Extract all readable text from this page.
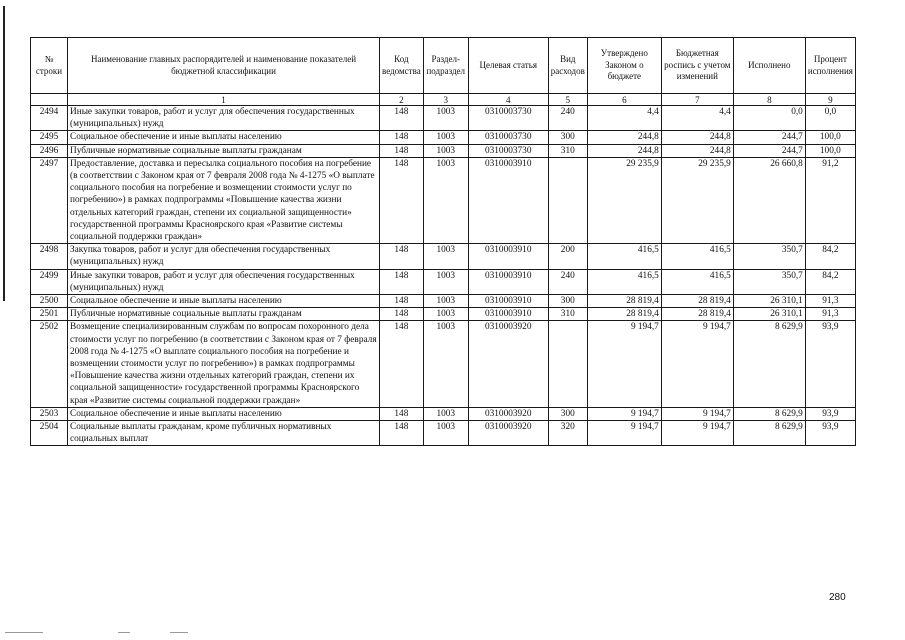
№ строки	Наименование главных распорядителей и наименование показателей бюджетной классификации	Код ведомства	Раздел-подраздел	Целевая статья	Вид расходов	Утверждено Законом о бюджете	Бюджетная роспись с учетом изменений	Исполнено	Процент исполнения
	1	2	3	4	5	6	7	8	9
2494	Иные закупки товаров, работ и услуг для обеспечения государственных (муниципальных) нужд	148	1003	0310003730	240	4,4	4,4	0,0	0,0
2495	Социальное обеспечение и иные выплаты населению	148	1003	0310003730	300	244,8	244,8	244,7	100,0
2496	Публичные нормативные социальные выплаты гражданам	148	1003	0310003730	310	244,8	244,8	244,7	100,0
2497	Предоставление, доставка и пересылка социального пособия на погребение (в соответствии с Законом края от 7 февраля 2008 года № 4-1275 «О выплате социального пособия на погребение и возмещении стоимости услуг по погребению») в рамках подпрограммы «Повышение качества жизни отдельных категорий граждан, степени их социальной защищенности» государственной программы Красноярского края «Развитие системы социальной поддержки граждан»	148	1003	0310003910		29 235,9	29 235,9	26 660,8	91,2
2498	Закупка товаров, работ и услуг для обеспечения государственных (муниципальных) нужд	148	1003	0310003910	200	416,5	416,5	350,7	84,2
2499	Иные закупки товаров, работ и услуг для обеспечения государственных (муниципальных) нужд	148	1003	0310003910	240	416,5	416,5	350,7	84,2
2500	Социальное обеспечение и иные выплаты населению	148	1003	0310003910	300	28 819,4	28 819,4	26 310,1	91,3
2501	Публичные нормативные социальные выплаты гражданам	148	1003	0310003910	310	28 819,4	28 819,4	26 310,1	91,3
2502	Возмещение специализированным службам по вопросам похоронного дела стоимости услуг по погребению (в соответствии с Законом края от 7 февраля 2008 года № 4-1275 «О выплате социального пособия на погребение и возмещении стоимости услуг по погребению») в рамках подпрограммы «Повышение качества жизни отдельных категорий граждан, степени их социальной защищенности» государственной программы Красноярского края «Развитие системы социальной поддержки граждан»	148	1003	0310003920		9 194,7	9 194,7	8 629,9	93,9
2503	Социальное обеспечение и иные выплаты населению	148	1003	0310003920	300	9 194,7	9 194,7	8 629,9	93,9
2504	Социальные выплаты гражданам, кроме публичных нормативных социальных выплат	148	1003	0310003920	320	9 194,7	9 194,7	8 629,9	93,9
280
